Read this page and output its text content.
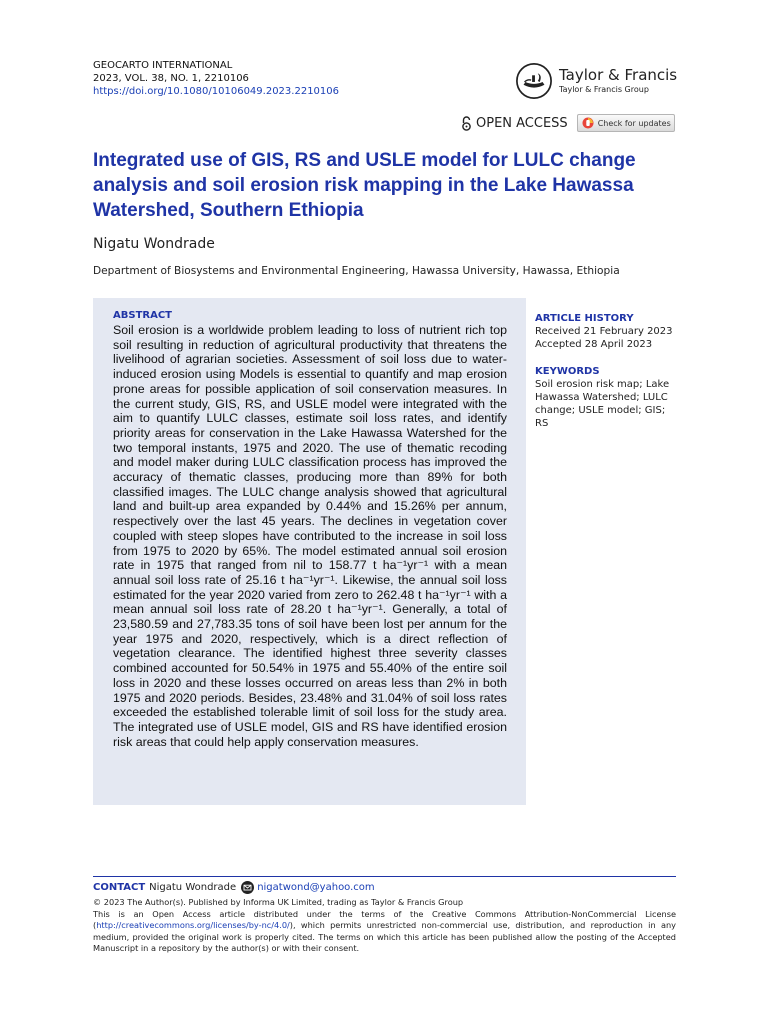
GEOCARTO INTERNATIONAL
2023, VOL. 38, NO. 1, 2210106
https://doi.org/10.1080/10106049.2023.2210106
Taylor & Francis
Taylor & Francis Group
OPEN ACCESS	Check for updates
Integrated use of GIS, RS and USLE model for LULC change analysis and soil erosion risk mapping in the Lake Hawassa Watershed, Southern Ethiopia
Nigatu Wondrade
Department of Biosystems and Environmental Engineering, Hawassa University, Hawassa, Ethiopia
ABSTRACT

Soil erosion is a worldwide problem leading to loss of nutrient rich top soil resulting in reduction of agricultural productivity that threatens the livelihood of agrarian societies. Assessment of soil loss due to water-induced erosion using Models is essential to quantify and map erosion prone areas for possible application of soil conservation measures. In the current study, GIS, RS, and USLE model were integrated with the aim to quantify LULC classes, estimate soil loss rates, and identify priority areas for conservation in the Lake Hawassa Watershed for the two temporal instants, 1975 and 2020. The use of thematic recoding and model maker during LULC classification process has improved the accuracy of thematic classes, producing more than 89% for both classified images. The LULC change analysis showed that agricultural land and built-up area expanded by 0.44% and 15.26% per annum, respectively over the last 45 years. The declines in vegetation cover coupled with steep slopes have contributed to the increase in soil loss from 1975 to 2020 by 65%. The model estimated annual soil erosion rate in 1975 that ranged from nil to 158.77 t ha⁻¹yr⁻¹ with a mean annual soil loss rate of 25.16 t ha⁻¹yr⁻¹. Likewise, the annual soil loss estimated for the year 2020 varied from zero to 262.48 t ha⁻¹yr⁻¹ with a mean annual soil loss rate of 28.20 t ha⁻¹yr⁻¹. Generally, a total of 23,580.59 and 27,783.35 tons of soil have been lost per annum for the year 1975 and 2020, respectively, which is a direct reflection of vegetation clearance. The identified highest three severity classes combined accounted for 50.54% in 1975 and 55.40% of the entire soil loss in 2020 and these losses occurred on areas less than 2% in both 1975 and 2020 periods. Besides, 23.48% and 31.04% of soil loss rates exceeded the established tolerable limit of soil loss for the study area. The integrated use of USLE model, GIS and RS have identified erosion risk areas that could help apply conservation measures.

ARTICLE HISTORY
Received 21 February 2023
Accepted 28 April 2023
KEYWORDS
Soil erosion risk map; Lake Hawassa Watershed; LULC change; USLE model; GIS; RS
CONTACT Nigatu Wondrade nigatwond@yahoo.com
© 2023 The Author(s). Published by Informa UK Limited, trading as Taylor & Francis Group
This is an Open Access article distributed under the terms of the Creative Commons Attribution-NonCommercial License (http://creativecommons.org/licenses/by-nc/4.0/), which permits unrestricted non-commercial use, distribution, and reproduction in any medium, provided the original work is properly cited. The terms on which this article has been published allow the posting of the Accepted Manuscript in a repository by the author(s) or with their consent.
